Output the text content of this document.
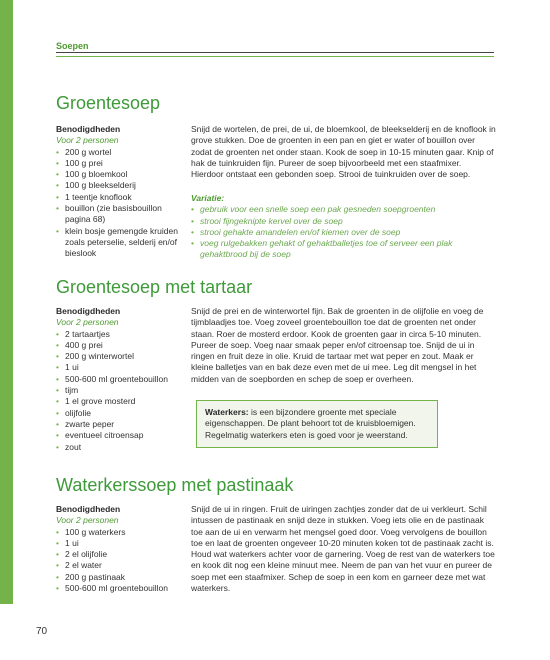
Soepen
Groentesoep
Benodigdheden
Voor 2 personen
• 200 g wortel
• 100 g prei
• 100 g bloemkool
• 100 g bleekselderij
• 1 teentje knoflook
• bouillon (zie basisbouillon pagina 68)
• klein bosje gemengde kruiden zoals peterselie, selderij en/of bieslook

Snijd de wortelen, de prei, de ui, de bloemkool, de bleekselderij en de knoflook in grove stukken. Doe de groenten in een pan en giet er water of bouillon over zodat de groenten net onder staan. Kook de soep in 10-15 minuten gaar. Knip of hak de tuinkruiden fijn. Pureer de soep bijvoorbeeld met een staafmixer. Hierdoor ontstaat een gebonden soep. Strooi de tuinkruiden over de soep.

Variatie:
• gebruik voor een snelle soep een pak gesneden soepgroenten
• strooi fijngeknipte kervel over de soep
• strooi gehakte amandelen en/of kiemen over de soep
• voeg rulgebakken gehakt of gehaktballetjes toe of serveer een plak gehaktbrood bij de soep
Groentesoep met tartaar
Benodigdheden
Voor 2 personen
• 2 tartaartjes
• 400 g prei
• 200 g winterwortel
• 1 ui
• 500-600 ml groentebouillon
• tijm
• 1 el grove mosterd
• olijfolie
• zwarte peper
• eventueel citroensap
• zout

Snijd de prei en de winterwortel fijn. Bak de groenten in de olijfolie en voeg de tijmblaadjes toe. Voeg zoveel groentebouillon toe dat de groenten net onder staan. Roer de mosterd erdoor. Kook de groenten gaar in circa 5-10 minuten. Pureer de soep. Voeg naar smaak peper en/of citroensap toe. Snijd de ui in ringen en fruit deze in olie. Kruid de tartaar met wat peper en zout. Maak er kleine balletjes van en bak deze even met de ui mee. Leg dit mengsel in het midden van de soepborden en schep de soep er overheen.

Waterkers: is een bijzondere groente met speciale eigenschappen. De plant behoort tot de kruisbloemigen. Regelmatig waterkers eten is goed voor je weerstand.
Waterkerssoep met pastinaak
Benodigdheden
Voor 2 personen
• 100 g waterkers
• 1 ui
• 2 el olijfolie
• 2 el water
• 200 g pastinaak
• 500-600 ml groentebouillon

Snijd de ui in ringen. Fruit de uiringen zachtjes zonder dat de ui verkleurt. Schil intussen de pastinaak en snijd deze in stukken. Voeg iets olie en de pastinaak toe aan de ui en verwarm het mengsel goed door. Voeg vervolgens de bouillon toe en laat de groenten ongeveer 10-20 minuten koken tot de pastinaak zacht is. Houd wat waterkers achter voor de garnering. Voeg de rest van de waterkers toe en kook dit nog een kleine minuut mee. Neem de pan van het vuur en pureer de soep met een staafmixer. Schep de soep in een kom en garneer deze met wat waterkers.

70
